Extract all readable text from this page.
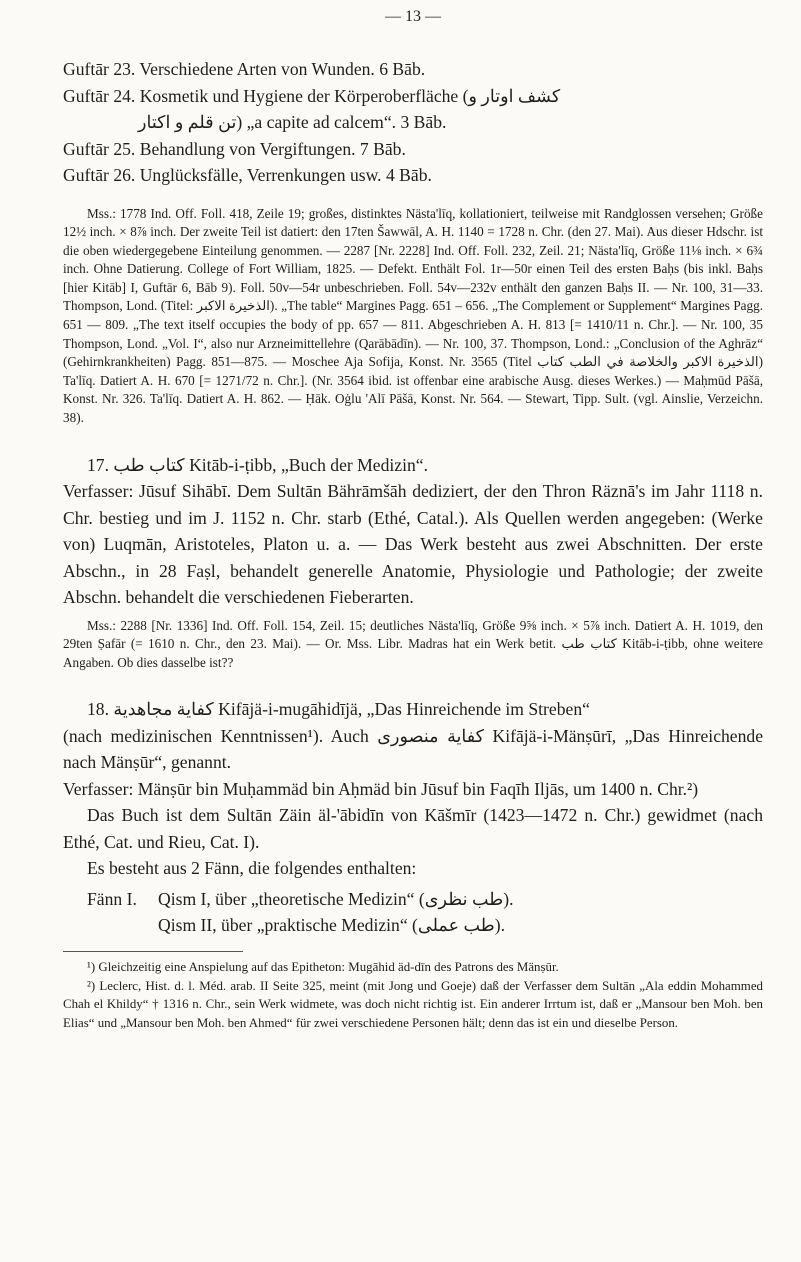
— 13 —

Guftār 23. Verschiedene Arten von Wunden. 6 Bāb.

Guftār 24. Kosmetik und Hygiene der Körperoberfläche (کشف اوتار و

تن قلم و اکتار) „a capite ad calcem“. 3 Bāb.

Guftār 25. Behandlung von Vergiftungen. 7 Bāb.

Guftār 26. Unglücksfälle, Verrenkungen usw. 4 Bāb.

Mss.: 1778 Ind. Off. Foll. 418, Zeile 19; großes, distinktes Nästa'līq, kollationiert, teilweise mit Randglossen versehen; Größe 12½ inch. × 8⅞ inch. Der zweite Teil ist datiert: den 17ten Šawwāl, A. H. 1140 = 1728 n. Chr. (den 27. Mai). Aus dieser Hdschr. ist die oben wiedergegebene Einteilung genommen. — 2287 [Nr. 2228] Ind. Off. Foll. 232, Zeil. 21; Nästa'līq, Größe 11⅛ inch. × 6¾ inch. Ohne Datierung. College of Fort William, 1825. — Defekt. Enthält Fol. 1r—50r einen Teil des ersten Baḥs (bis inkl. Baḥs [hier Kitāb] I, Guftār 6, Bāb 9). Foll. 50v—54r unbeschrieben. Foll. 54v—232v enthält den ganzen Baḥs II. — Nr. 100, 31—33. Thompson, Lond. (Titel: الذخيرة الاكبر). „The table“ Margines Pagg. 651 – 656. „The Complement or Supplement“ Margines Pagg. 651 — 809. „The text itself occupies the body of pp. 657 — 811. Abgeschrieben A. H. 813 [= 1410/11 n. Chr.]. — Nr. 100, 35 Thompson, Lond. „Vol. I“, also nur Arzneimittellehre (Qarābādīn). — Nr. 100, 37. Thompson, Lond.: „Conclusion of the Aghrāz“ (Gehirnkrankheiten) Pagg. 851—875. — Moschee Aja Sofija, Konst. Nr. 3565 (Titel الذخيرة الاكبر والخلاصة في الطب كتاب) Ta'līq. Datiert A. H. 670 [= 1271/72 n. Chr.]. (Nr. 3564 ibid. ist offenbar eine arabische Ausg. dieses Werkes.) — Maḥmūd Pāšā, Konst. Nr. 326. Ta'līq. Datiert A. H. 862. — Ḥāk. Oġlu 'Alī Pāšā, Konst. Nr. 564. — Stewart, Tipp. Sult. (vgl. Ainslie, Verzeichn. 38).

17. كتاب طب Kitāb-i-ṭibb, „Buch der Medizin“.

Verfasser: Jūsuf Sihābī. Dem Sultān Bährāmšāh dediziert, der den Thron Räznā's im Jahr 1118 n. Chr. bestieg und im J. 1152 n. Chr. starb (Ethé, Catal.). Als Quellen werden angegeben: (Werke von) Luqmān, Aristoteles, Platon u. a. — Das Werk besteht aus zwei Abschnitten. Der erste Abschn., in 28 Faṣl, behandelt generelle Anatomie, Physiologie und Pathologie; der zweite Abschn. behandelt die verschiedenen Fieberarten.

Mss.: 2288 [Nr. 1336] Ind. Off. Foll. 154, Zeil. 15; deutliches Nästa'līq, Größe 9⅝ inch. × 5⅞ inch. Datiert A. H. 1019, den 29ten Ṣafār (= 1610 n. Chr., den 23. Mai). — Or. Mss. Libr. Madras hat ein Werk betit. كتاب طب Kitāb-i-ṭibb, ohne weitere Angaben. Ob dies dasselbe ist??

18. كفاية مجاهدية Kifājä-i-mugāhidījä, „Das Hinreichende im Streben“

(nach medizinischen Kenntnissen¹). Auch كفاية منصورى Kifājä-i-Mänṣūrī, „Das Hinreichende nach Mänṣūr“, genannt.

Verfasser: Mänṣūr bin Muḥammäd bin Aḥmäd bin Jūsuf bin Faqīh Iljās, um 1400 n. Chr.²)

Das Buch ist dem Sultān Zäin äl-'ābidīn von Kāšmīr (1423—1472 n. Chr.) gewidmet (nach Ethé, Cat. und Rieu, Cat. I).

Es besteht aus 2 Fänn, die folgendes enthalten:

Fänn I.	Qism I, über „theoretische Medizin“ (طب نظرى).
Qism II, über „praktische Medizin“ (طب عملى).

¹) Gleichzeitig eine Anspielung auf das Epitheton: Mugāhid äd-dīn des Patrons des Mänṣūr.

²) Leclerc, Hist. d. l. Méd. arab. II Seite 325, meint (mit Jong und Goeje) daß der Verfasser dem Sultān „Ala eddin Mohammed Chah el Khildy“ † 1316 n. Chr., sein Werk widmete, was doch nicht richtig ist. Ein anderer Irrtum ist, daß er „Mansour ben Moh. ben Elias“ und „Mansour ben Moh. ben Ahmed“ für zwei verschiedene Personen hält; denn das ist ein und dieselbe Person.
